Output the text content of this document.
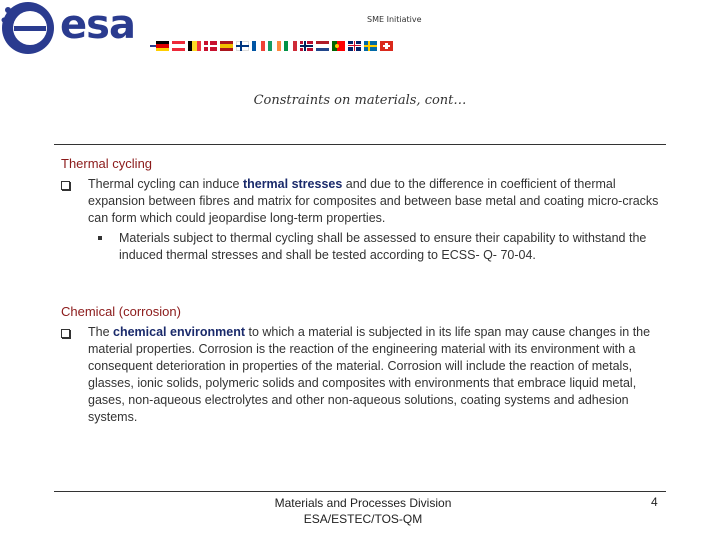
esa	SME Initiative
Constraints on materials, cont…
Thermal cycling
Thermal cycling can induce thermal stresses and due to the difference in coefficient of thermal expansion between fibres and matrix for composites and between base metal and coating micro-cracks can form which could jeopardise long-term properties.
Materials subject to thermal cycling shall be assessed to ensure their capability to withstand the induced thermal stresses and shall be tested according to ECSS- Q- 70-04.
Chemical (corrosion)
The chemical environment to which a material is subjected in its life span may cause changes in the material properties. Corrosion is the reaction of the engineering material with its environment with a consequent deterioration in properties of the material. Corrosion will include the reaction of metals, glasses, ionic solids, polymeric solids and composites with environments that embrace liquid metal, gases, non-aqueous electrolytes and other non-aqueous solutions, coating systems and adhesion systems.
Materials and Processes Division
ESA/ESTEC/TOS-QM
4
